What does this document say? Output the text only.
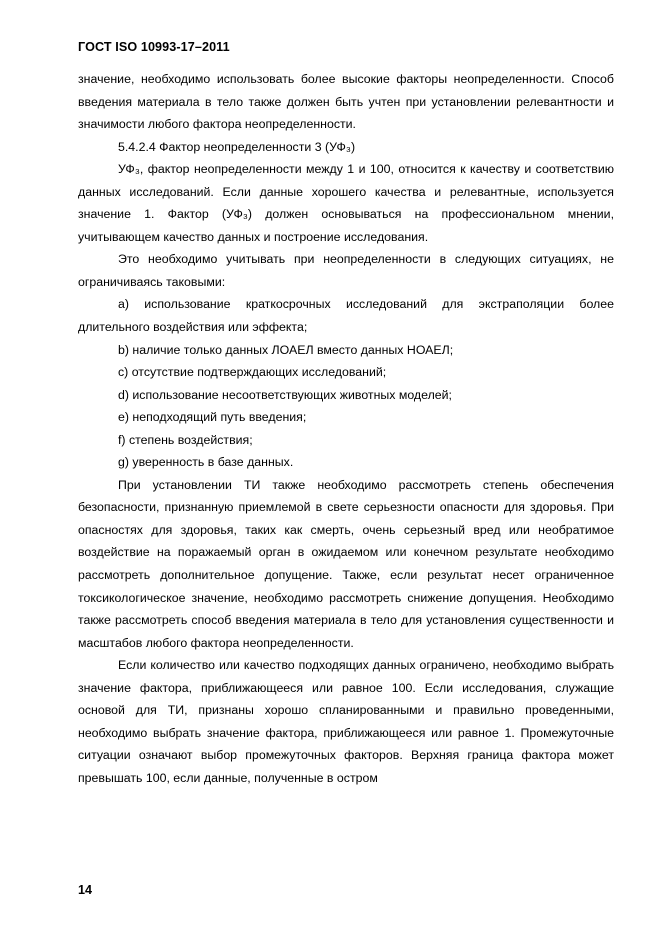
ГОСТ ISO 10993-17–2011

значение, необходимо использовать более высокие факторы неопределенности. Способ введения материала в тело также должен быть учтен при установлении релевантности и значимости любого фактора неопределенности.

5.4.2.4 Фактор неопределенности 3 (УФ₃)

УФ₃, фактор неопределенности между 1 и 100, относится к качеству и соответствию данных исследований. Если данные хорошего качества и релевантные, используется значение 1. Фактор (УФ₃) должен основываться на профессиональном мнении, учитывающем качество данных и построение исследования.

Это необходимо учитывать при неопределенности в следующих ситуациях, не ограничиваясь таковыми:

a) использование краткосрочных исследований для экстраполяции более длительного воздействия или эффекта;

b) наличие только данных ЛОАЕЛ вместо данных НОАЕЛ;

c) отсутствие подтверждающих исследований;

d) использование несоответствующих животных моделей;

e) неподходящий путь введения;

f) степень воздействия;

g) уверенность в базе данных.

При установлении ТИ также необходимо рассмотреть степень обеспечения безопасности, признанную приемлемой в свете серьезности опасности для здоровья. При опасностях для здоровья, таких как смерть, очень серьезный вред или необратимое воздействие на поражаемый орган в ожидаемом или конечном результате необходимо рассмотреть дополнительное допущение. Также, если результат несет ограниченное токсикологическое значение, необходимо рассмотреть снижение допущения. Необходимо также рассмотреть способ введения материала в тело для установления существенности и масштабов любого фактора неопределенности.

Если количество или качество подходящих данных ограничено, необходимо выбрать значение фактора, приближающееся или равное 100. Если исследования, служащие основой для ТИ, признаны хорошо спланированными и правильно проведенными, необходимо выбрать значение фактора, приближающееся или равное 1. Промежуточные ситуации означают выбор промежуточных факторов. Верхняя граница фактора может превышать 100, если данные, полученные в остром

14
